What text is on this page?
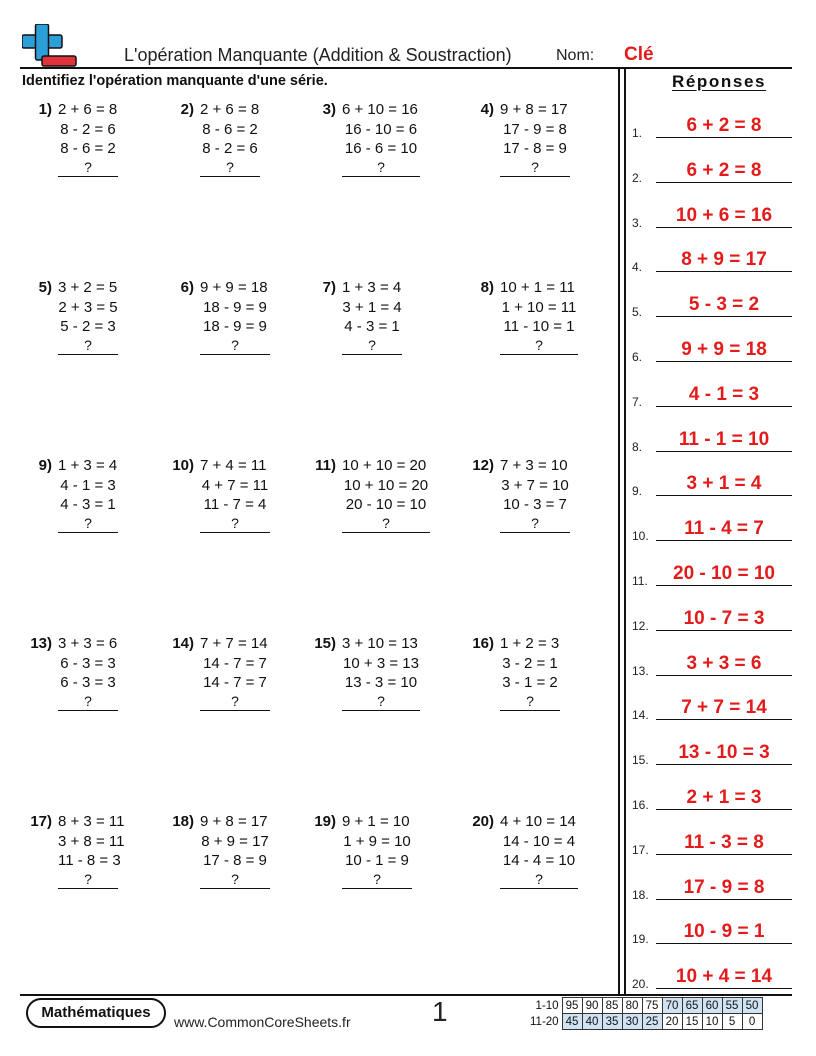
L'opération Manquante (Addition & Soustraction)	Nom: Clé
Identifiez l'opération manquante d'une série.
1) 2 + 6 = 8
8 - 2 = 6
8 - 6 = 2
?
2) 2 + 6 = 8
8 - 6 = 2
8 - 2 = 6
?
3) 6 + 10 = 16
16 - 10 = 6
16 - 6 = 10
?
4) 9 + 8 = 17
17 - 9 = 8
17 - 8 = 9
?
5) 3 + 2 = 5
2 + 3 = 5
5 - 2 = 3
?
6) 9 + 9 = 18
18 - 9 = 9
18 - 9 = 9
?
7) 1 + 3 = 4
3 + 1 = 4
4 - 3 = 1
?
8) 10 + 1 = 11
1 + 10 = 11
11 - 10 = 1
?
9) 1 + 3 = 4
4 - 1 = 3
4 - 3 = 1
?
10) 7 + 4 = 11
4 + 7 = 11
11 - 7 = 4
?
11) 10 + 10 = 20
10 + 10 = 20
20 - 10 = 10
?
12) 7 + 3 = 10
3 + 7 = 10
10 - 3 = 7
?
13) 3 + 3 = 6
6 - 3 = 3
6 - 3 = 3
?
14) 7 + 7 = 14
14 - 7 = 7
14 - 7 = 7
?
15) 3 + 10 = 13
10 + 3 = 13
13 - 3 = 10
?
16) 1 + 2 = 3
3 - 2 = 1
3 - 1 = 2
?
17) 8 + 3 = 11
3 + 8 = 11
11 - 8 = 3
?
18) 9 + 8 = 17
8 + 9 = 17
17 - 8 = 9
?
19) 9 + 1 = 10
1 + 9 = 10
10 - 1 = 9
?
20) 4 + 10 = 14
14 - 10 = 4
14 - 4 = 10
?
Réponses
1.	6 + 2 = 8
2.	6 + 2 = 8
3.	10 + 6 = 16
4.	8 + 9 = 17
5.	5 - 3 = 2
6.	9 + 9 = 18
7.	4 - 1 = 3
8.	11 - 1 = 10
9.	3 + 1 = 4
10.	11 - 4 = 7
11.	20 - 10 = 10
12.	10 - 7 = 3
13.	3 + 3 = 6
14.	7 + 7 = 14
15.	13 - 10 = 3
16.	2 + 1 = 3
17.	11 - 3 = 8
18.	17 - 9 = 8
19.	10 - 9 = 1
20.	10 + 4 = 14
Mathématiques
www.CommonCoreSheets.fr	1	1-10	95	90	85	80	75	70	65	60	55	50
11-20	45	40	35	30	25	20	15	10	5	0
